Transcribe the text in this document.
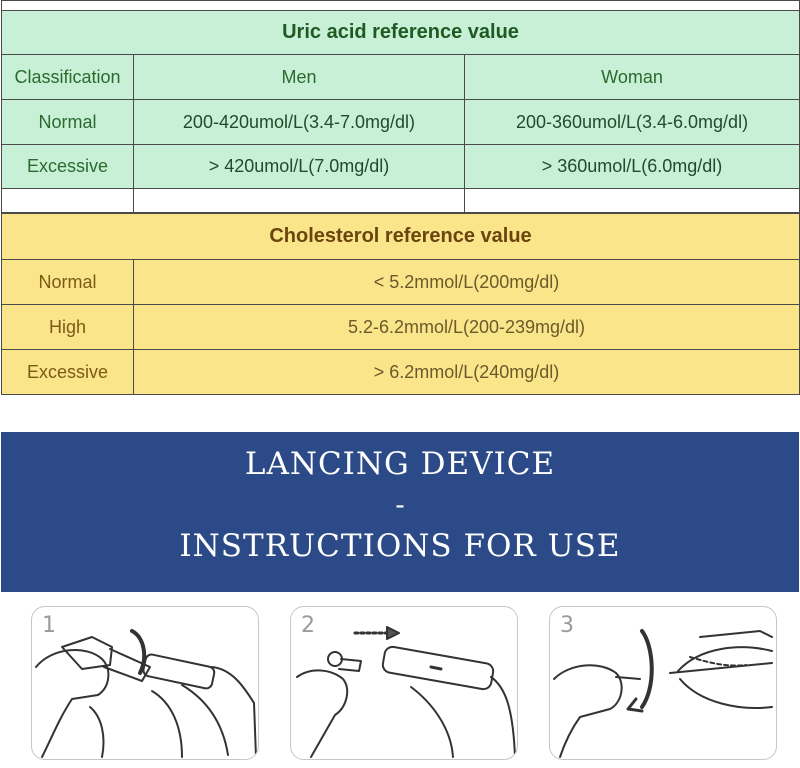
Uric acid reference value		
Classification	Men	Woman
Normal	200-420umol/L(3.4-7.0mg/dl)	200-360umol/L(3.4-6.0mg/dl)
Excessive	> 420umol/L(7.0mg/dl)	> 360umol/L(6.0mg/dl)

Cholesterol reference value	
Normal	< 5.2mmol/L(200mg/dl)
High	5.2-6.2mmol/L(200-239mg/dl)
Excessive	> 6.2mmol/L(240mg/dl)
LANCING DEVICE
-
INSTRUCTIONS FOR USE
1	2	3
